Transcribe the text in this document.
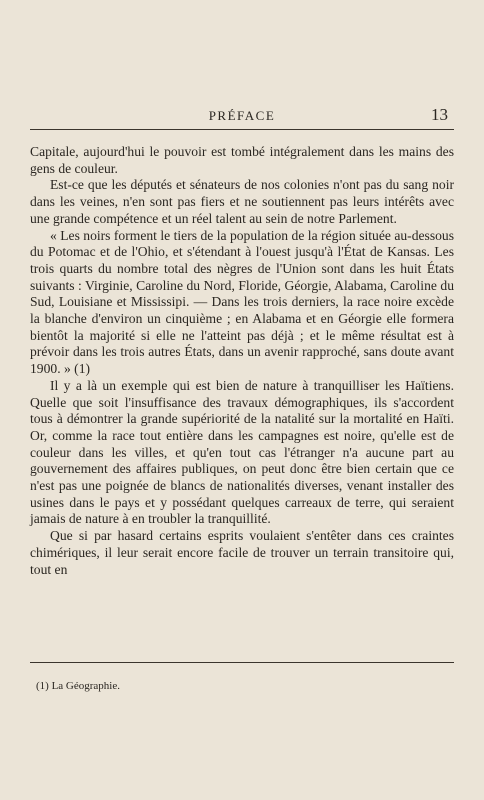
PRÉFACE	13

Capitale, aujourd'hui le pouvoir est tombé intégralement dans les mains des gens de couleur.

Est-ce que les députés et sénateurs de nos colonies n'ont pas du sang noir dans les veines, n'en sont pas fiers et ne soutiennent pas leurs intérêts avec une grande compétence et un réel talent au sein de notre Parlement.

« Les noirs forment le tiers de la population de la région située au-dessous du Potomac et de l'Ohio, et s'étendant à l'ouest jusqu'à l'État de Kansas. Les trois quarts du nombre total des nègres de l'Union sont dans les huit États suivants : Virginie, Caroline du Nord, Floride, Géorgie, Alabama, Caroline du Sud, Louisiane et Mississipi. — Dans les trois derniers, la race noire excède la blanche d'environ un cinquième ; en Alabama et en Géorgie elle formera bientôt la majorité si elle ne l'atteint pas déjà ; et le même résultat est à prévoir dans les trois autres États, dans un avenir rapproché, sans doute avant 1900. » (1)

Il y a là un exemple qui est bien de nature à tranquilliser les Haïtiens. Quelle que soit l'insuffisance des travaux démographiques, ils s'accordent tous à démontrer la grande supériorité de la natalité sur la mortalité en Haïti. Or, comme la race tout entière dans les campagnes est noire, qu'elle est de couleur dans les villes, et qu'en tout cas l'étranger n'a aucune part au gouvernement des affaires publiques, on peut donc être bien certain que ce n'est pas une poignée de blancs de nationalités diverses, venant installer des usines dans le pays et y possédant quelques carreaux de terre, qui seraient jamais de nature à en troubler la tranquillité.

Que si par hasard certains esprits voulaient s'entêter dans ces craintes chimériques, il leur serait encore facile de trouver un terrain transitoire qui, tout en

(1) La Géographie.
